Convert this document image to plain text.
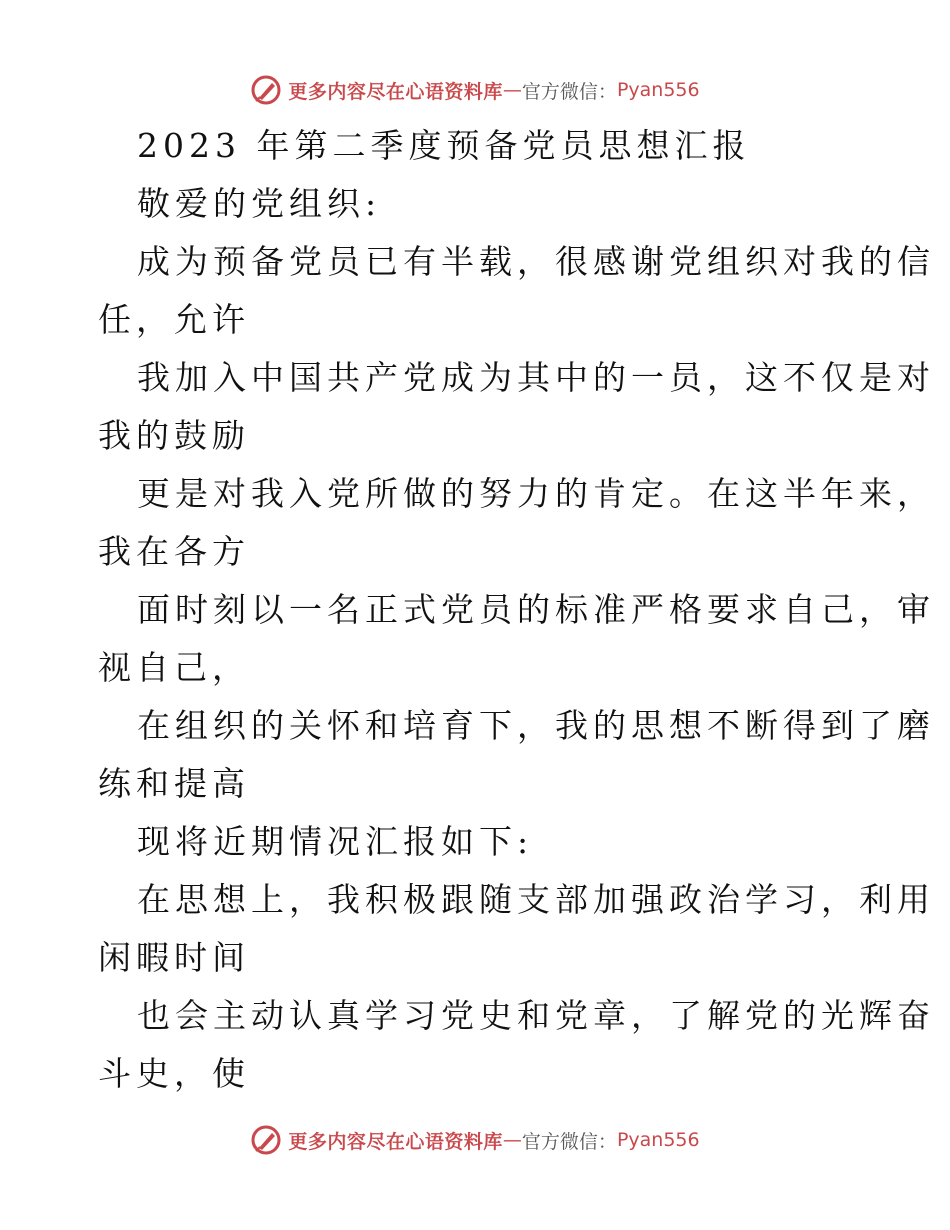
更多内容尽在心语资料库 — 官方微信： Pyan556
2023 年第二季度预备党员思想汇报
敬爱的党组织:
成为预备党员已有半载，很感谢党组织对我的信
任，允许
我加入中国共产党成为其中的一员，这不仅是对
我的鼓励
更是对我入党所做的努力的肯定。在这半年来，
我在各方
面时刻以一名正式党员的标准严格要求自己，审
视自己，
在组织的关怀和培育下，我的思想不断得到了磨
练和提高
现将近期情况汇报如下:
在思想上，我积极跟随支部加强政治学习，利用
闲暇时间
也会主动认真学习党史和党章，了解党的光辉奋
斗史，使
更多内容尽在心语资料库 — 官方微信： Pyan556
